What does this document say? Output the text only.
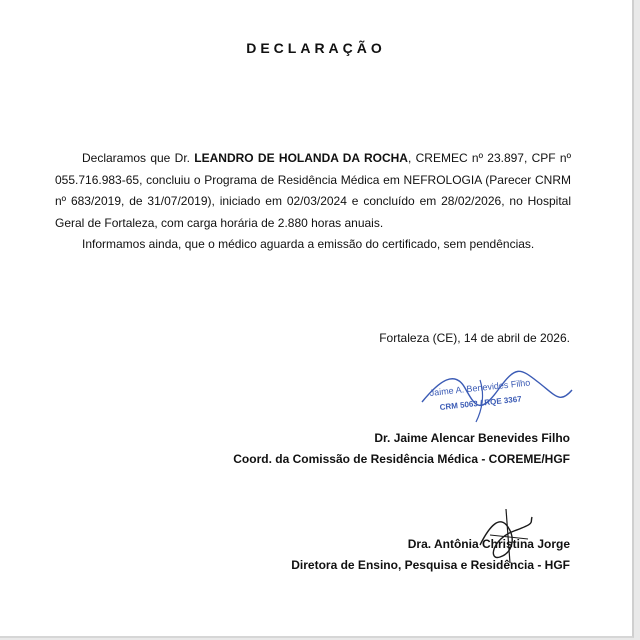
DECLARAÇÃO

Declaramos que Dr. LEANDRO DE HOLANDA DA ROCHA, CREMEC nº 23.897, CPF nº 055.716.983-65, concluiu o Programa de Residência Médica em NEFROLOGIA (Parecer CNRM nº 683/2019, de 31/07/2019), iniciado em 02/03/2024 e concluído em 28/02/2026, no Hospital Geral de Fortaleza, com carga horária de 2.880 horas anuais.

Informamos ainda, que o médico aguarda a emissão do certificado, sem pendências.

Fortaleza (CE), 14 de abril de 2026.
Jaime A. Benevides Filho
CRM 5063 / RQE 3367
Dr. Jaime Alencar Benevides Filho
Coord. da Comissão de Residência Médica - COREME/HGF
Dra. Antônia Christina Jorge
Diretora de Ensino, Pesquisa e Residência - HGF
